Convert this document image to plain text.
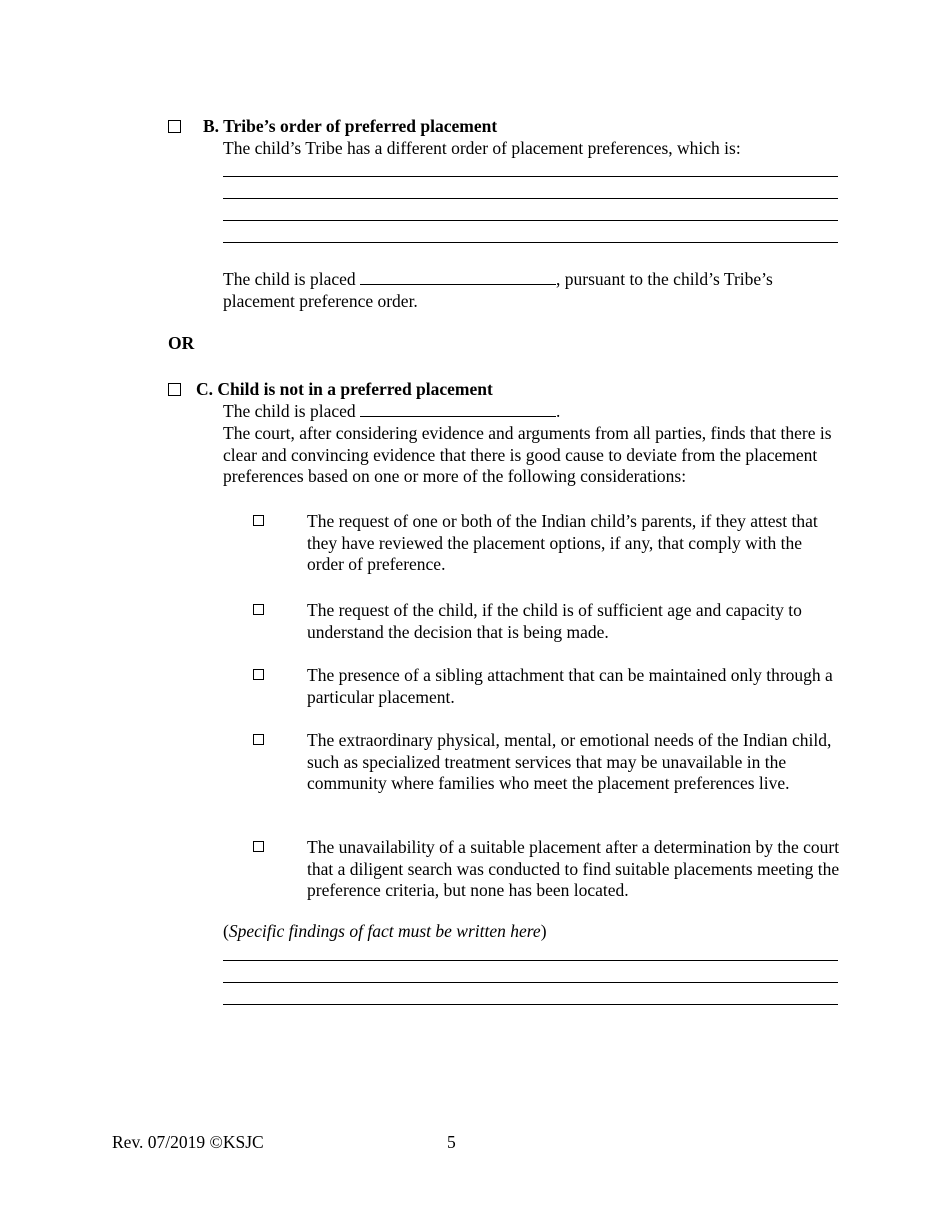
B. Tribe’s order of preferred placement
The child’s Tribe has a different order of placement preferences, which is:
The child is placed	, pursuant to the child’s Tribe’s
placement preference order.
OR
C. Child is not in a preferred placement
The child is placed	.
The court, after considering evidence and arguments from all parties, finds that there is clear and convincing evidence that there is good cause to deviate from the placement preferences based on one or more of the following considerations:
The request of one or both of the Indian child’s parents, if they attest that they have reviewed the placement options, if any, that comply with the order of preference.
The request of the child, if the child is of sufficient age and capacity to understand the decision that is being made.
The presence of a sibling attachment that can be maintained only through a particular placement.
The extraordinary physical, mental, or emotional needs of the Indian child, such as specialized treatment services that may be unavailable in the community where families who meet the placement preferences live.
The unavailability of a suitable placement after a determination by the court that a diligent search was conducted to find suitable placements meeting the preference criteria, but none has been located.
(Specific findings of fact must be written here)
Rev. 07/2019 ©KSJC	5
